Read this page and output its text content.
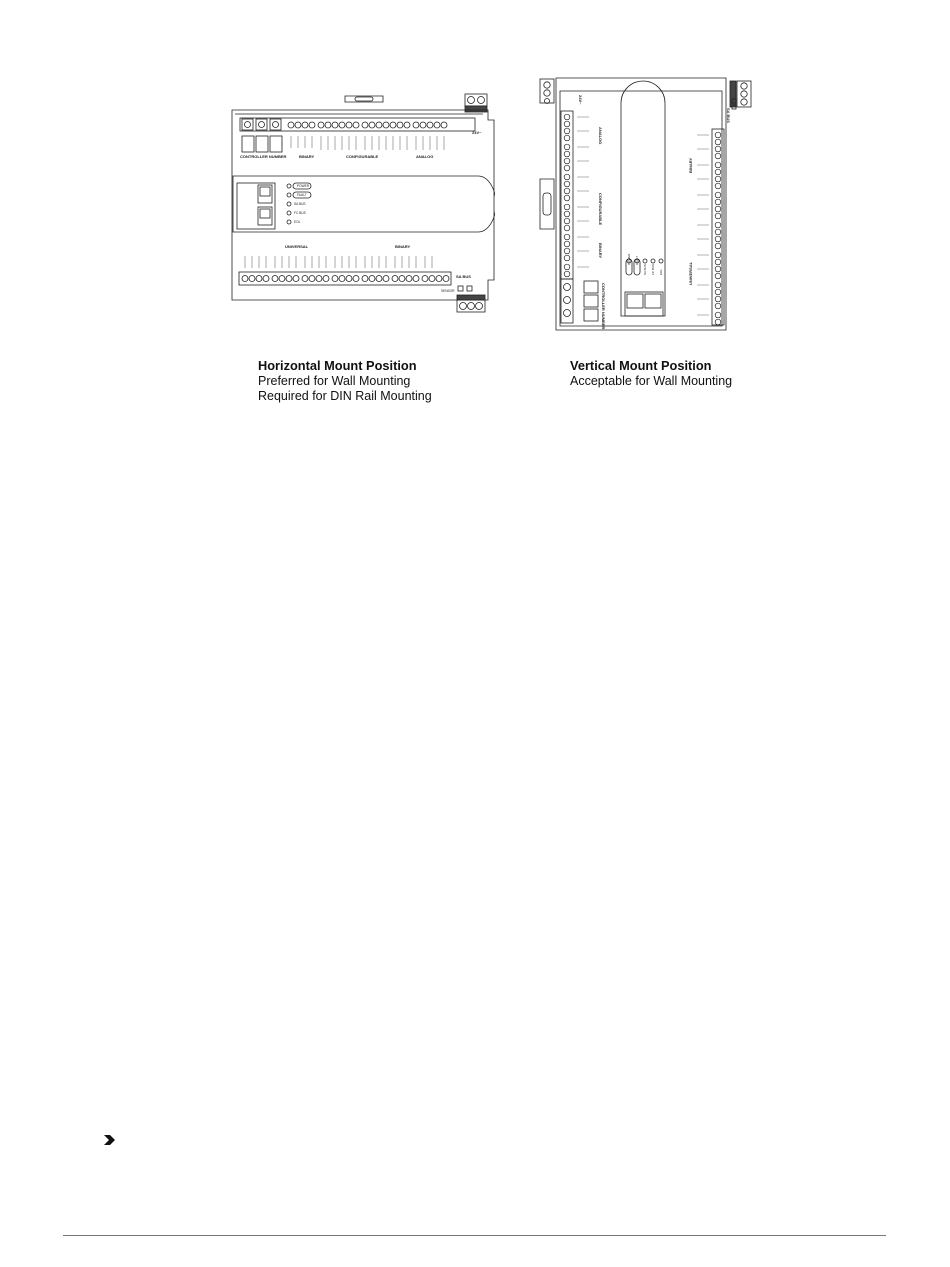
CONTROLLER NUMBER	BINARY	CONFIGURABLE	ANALOG
24V~
POWER
FAULT
SA BUS
FC BUS
EOL
UNIVERSAL	BINARY
SA BUS
SENSOR
24V~
ANALOG
CONFIGURABLE
BINARY
CONTROLLER NUMBER
BINARY
UNIVERSAL
SA BUS
POWER FAULT
SA BUS FC BUS EOL
Horizontal Mount Position
Preferred for Wall Mounting
Required for DIN Rail Mounting
Vertical Mount Position
Acceptable for Wall Mounting
